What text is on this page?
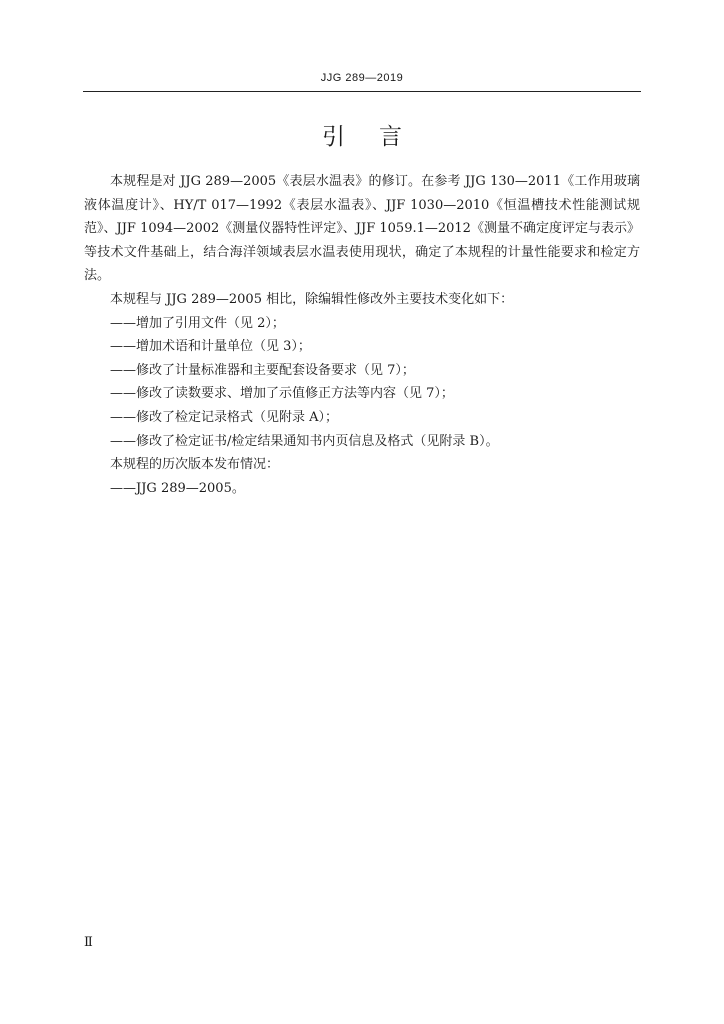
JJG 289—2019
引言

本规程是对 JJG 289—2005《表层水温表》的修订。在参考 JJG 130—2011《工作用玻璃液体温度计》、HY/T 017—1992《表层水温表》、JJF 1030—2010《恒温槽技术性能测试规范》、JJF 1094—2002《测量仪器特性评定》、JJF 1059.1—2012《测量不确定度评定与表示》等技术文件基础上，结合海洋领域表层水温表使用现状，确定了本规程的计量性能要求和检定方法。

本规程与 JJG 289—2005 相比，除编辑性修改外主要技术变化如下：

——增加了引用文件（见 2）；

——增加术语和计量单位（见 3）；

——修改了计量标准器和主要配套设备要求（见 7）；

——修改了读数要求、增加了示值修正方法等内容（见 7）；

——修改了检定记录格式（见附录 A）；

——修改了检定证书/检定结果通知书内页信息及格式（见附录 B）。

本规程的历次版本发布情况：

——JJG 289—2005。

Ⅱ
